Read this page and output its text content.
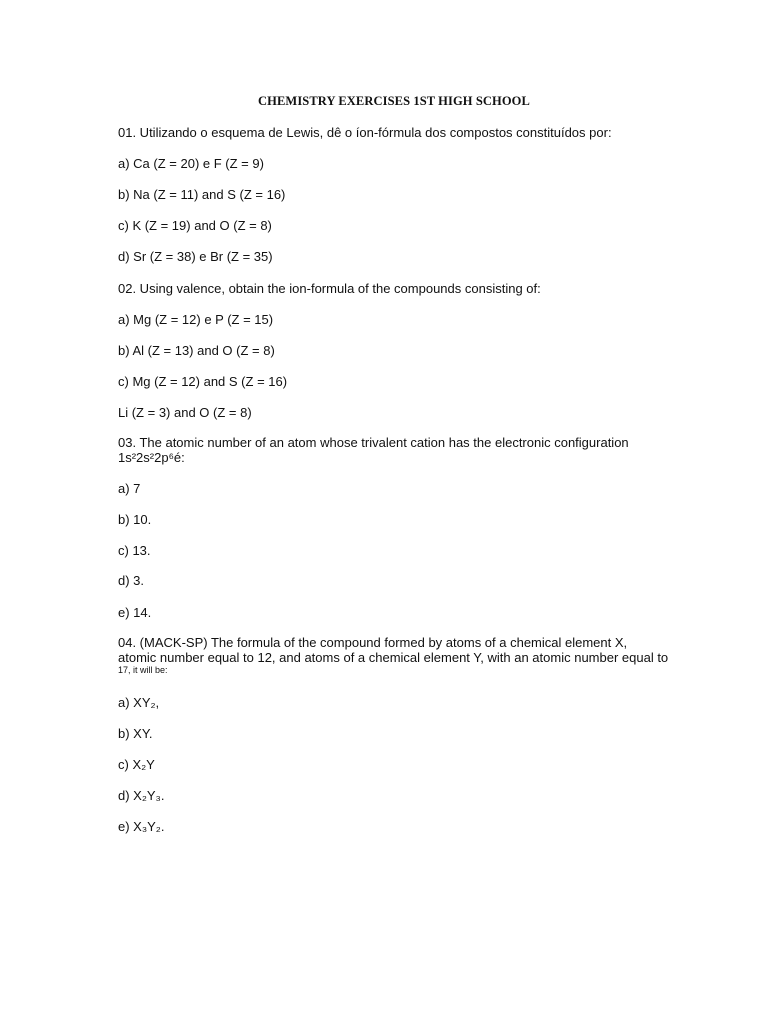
CHEMISTRY EXERCISES 1ST HIGH SCHOOL
01. Utilizando o esquema de Lewis, dê o íon-fórmula dos compostos constituídos por:
a) Ca (Z = 20) e F (Z = 9)
b) Na (Z = 11) and S (Z = 16)
c) K (Z = 19) and O (Z = 8)
d) Sr (Z = 38) e Br (Z = 35)
02. Using valence, obtain the ion-formula of the compounds consisting of:
a) Mg (Z = 12) e P (Z = 15)
b) Al (Z = 13) and O (Z = 8)
c) Mg (Z = 12) and S (Z = 16)
Li (Z = 3) and O (Z = 8)
03. The atomic number of an atom whose trivalent cation has the electronic configuration
1s²2s²2p⁶é:
a) 7
b) 10.
c) 13.
d) 3.
e) 14.
04. (MACK-SP) The formula of the compound formed by atoms of a chemical element X,
atomic number equal to 12, and atoms of a chemical element Y, with an atomic number equal to
17, it will be:
a) XY₂,
b) XY.
c) X₂Y
d) X₂Y₃.
e) X₃Y₂.
